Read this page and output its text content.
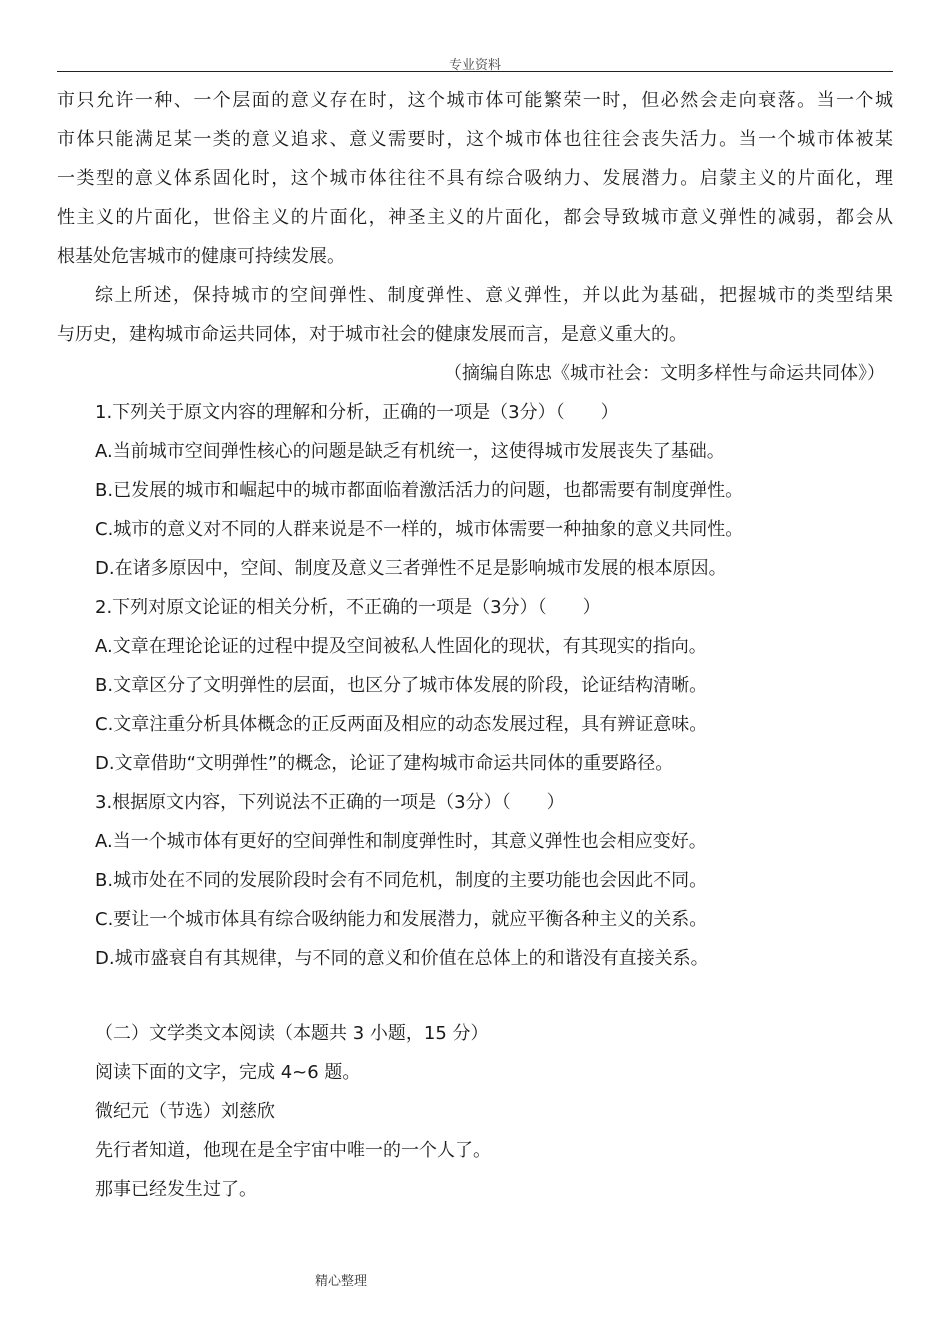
专业资料
市只允许一种、一个层面的意义存在时，这个城市体可能繁荣一时，但必然会走向衰落。当一个城
市体只能满足某一类的意义追求、意义需要时，这个城市体也往往会丧失活力。当一个城市体被某
一类型的意义体系固化时，这个城市体往往不具有综合吸纳力、发展潜力。启蒙主义的片面化，理
性主义的片面化，世俗主义的片面化，神圣主义的片面化，都会导致城市意义弹性的减弱，都会从
根基处危害城市的健康可持续发展。
综上所述，保持城市的空间弹性、制度弹性、意义弹性，并以此为基础，把握城市的类型结果
与历史，建构城市命运共同体，对于城市社会的健康发展而言，是意义重大的。
（摘编自陈忠《城市社会：文明多样性与命运共同体》）
1.下列关于原文内容的理解和分析，正确的一项是（3分）（　　）
A.当前城市空间弹性核心的问题是缺乏有机统一，这使得城市发展丧失了基础。
B.已发展的城市和崛起中的城市都面临着激活活力的问题，也都需要有制度弹性。
C.城市的意义对不同的人群来说是不一样的，城市体需要一种抽象的意义共同性。
D.在诸多原因中，空间、制度及意义三者弹性不足是影响城市发展的根本原因。
2.下列对原文论证的相关分析，不正确的一项是（3分）（　　）
A.文章在理论论证的过程中提及空间被私人性固化的现状，有其现实的指向。
B.文章区分了文明弹性的层面，也区分了城市体发展的阶段，论证结构清晰。
C.文章注重分析具体概念的正反两面及相应的动态发展过程，具有辨证意味。
D.文章借助“文明弹性”的概念，论证了建构城市命运共同体的重要路径。
3.根据原文内容，下列说法不正确的一项是（3分）（　　）
A.当一个城市体有更好的空间弹性和制度弹性时，其意义弹性也会相应变好。
B.城市处在不同的发展阶段时会有不同危机，制度的主要功能也会因此不同。
C.要让一个城市体具有综合吸纳能力和发展潜力，就应平衡各种主义的关系。
D.城市盛衰自有其规律，与不同的意义和价值在总体上的和谐没有直接关系。
（二）文学类文本阅读（本题共 3 小题，15 分）
阅读下面的文字，完成 4~6 题。
微纪元（节选）刘慈欣
先行者知道，他现在是全宇宙中唯一的一个人了。
那事已经发生过了。
精心整理
